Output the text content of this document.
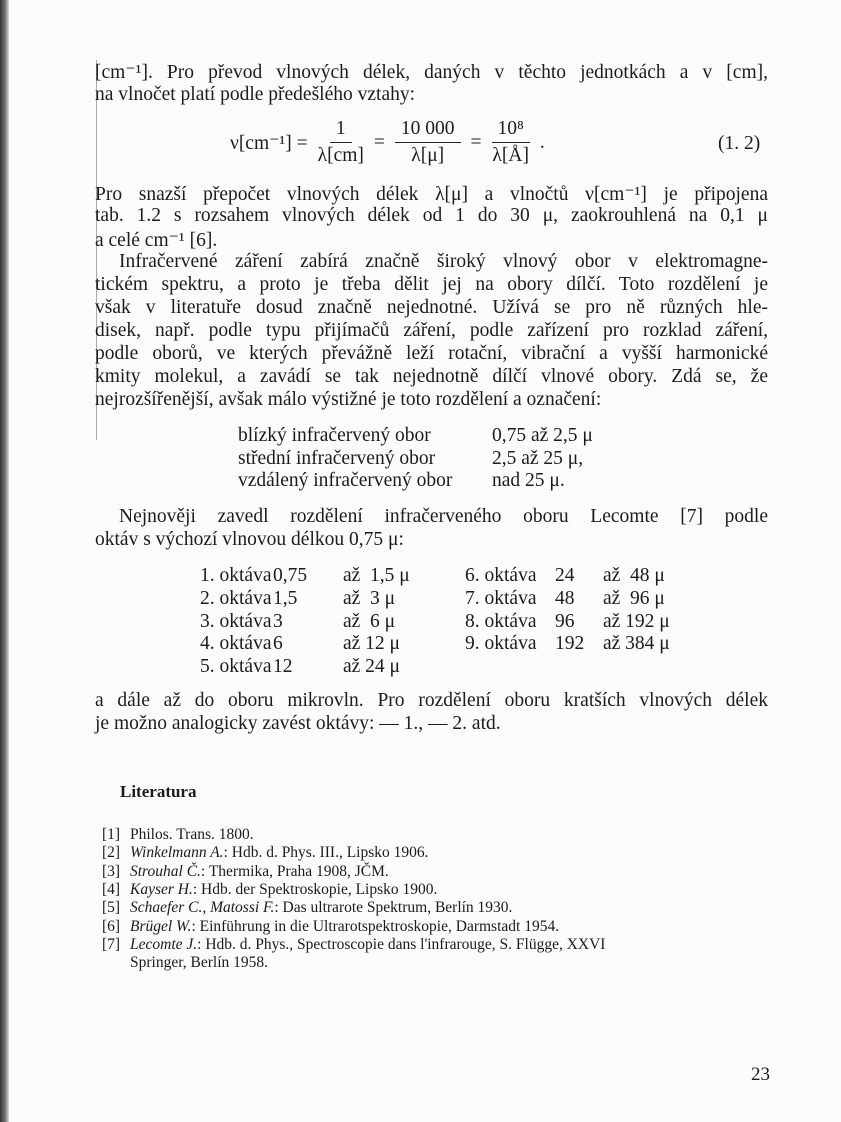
[cm⁻¹]. Pro převod vlnových délek, daných v těchto jednotkách a v [cm],
na vlnočet platí podle předešlého vztahy:
Pro snazší přepočet vlnových délek λ[μ] a vlnočtů ν[cm⁻¹] je připojena
tab. 1.2 s rozsahem vlnových délek od 1 do 30 μ, zaokrouhlená na 0,1 μ
a celé cm⁻¹ [6].
Infračervené záření zabírá značně široký vlnový obor v elektromagne-
tickém spektru, a proto je třeba dělit jej na obory dílčí. Toto rozdělení je
však v literatuře dosud značně nejednotné. Užívá se pro ně různých hle-
disek, např. podle typu přijímačů záření, podle zařízení pro rozklad záření,
podle oborů, ve kterých převážně leží rotační, vibrační a vyšší harmonické
kmity molekul, a zavádí se tak nejednotně dílčí vlnové obory. Zdá se, že
nejrozšířenější, avšak málo výstižné je toto rozdělení a označení:
Nejnověji zavedl rozdělení infračerveného oboru Lecomte [7] podle
oktáv s výchozí vlnovou délkou 0,75 μ:
a dále až do oboru mikrovln. Pro rozdělení oboru kratších vlnových délek
je možno analogicky zavést oktávy: — 1., — 2. atd.
$\nu[cm^{-1}] = \frac{1}{\lambda[cm]} = \frac{10 000}{\lambda[\mu]} = \frac{\text{10⁸}}{\lambda[Å]}$ .	(1. 2)
blízký infračervený obor	0,75 až 2,5 μ
střední infračervený obor	2,5 až 25 μ,
vzdálený infračervený obor nad 25 μ.
1. oktáva 0,75 až  1,5 μ
2. oktáva 1,5 až  3 μ
3. oktáva 3	až  6 μ
4. oktáva 6	až 12 μ
5. oktáva 12	až 24 μ
6. oktáva 24 až  48 μ
7. oktáva 48 až  96 μ
8. oktáva 96 až 192 μ
9. oktáva 192 až 384 μ
Literatura
[1] Philos. Trans. 1800.
[2] Winkelmann A.: Hdb. d. Phys. III., Lipsko 1906.
[3] Strouhal Č.: Thermika, Praha 1908, JČM.
[4] Kayser H.: Hdb. der Spektroskopie, Lipsko 1900.
[5] Schaefer C., Matossi F.: Das ultrarote Spektrum, Berlín 1930.
[6] Brügel W.: Einführung in die Ultrarotspektroskopie, Darmstadt 1954.
[7] Lecomte J.: Hdb. d. Phys., Spectroscopie dans l'infrarouge, S. Flügge, XXVI
Springer, Berlín 1958.
23
